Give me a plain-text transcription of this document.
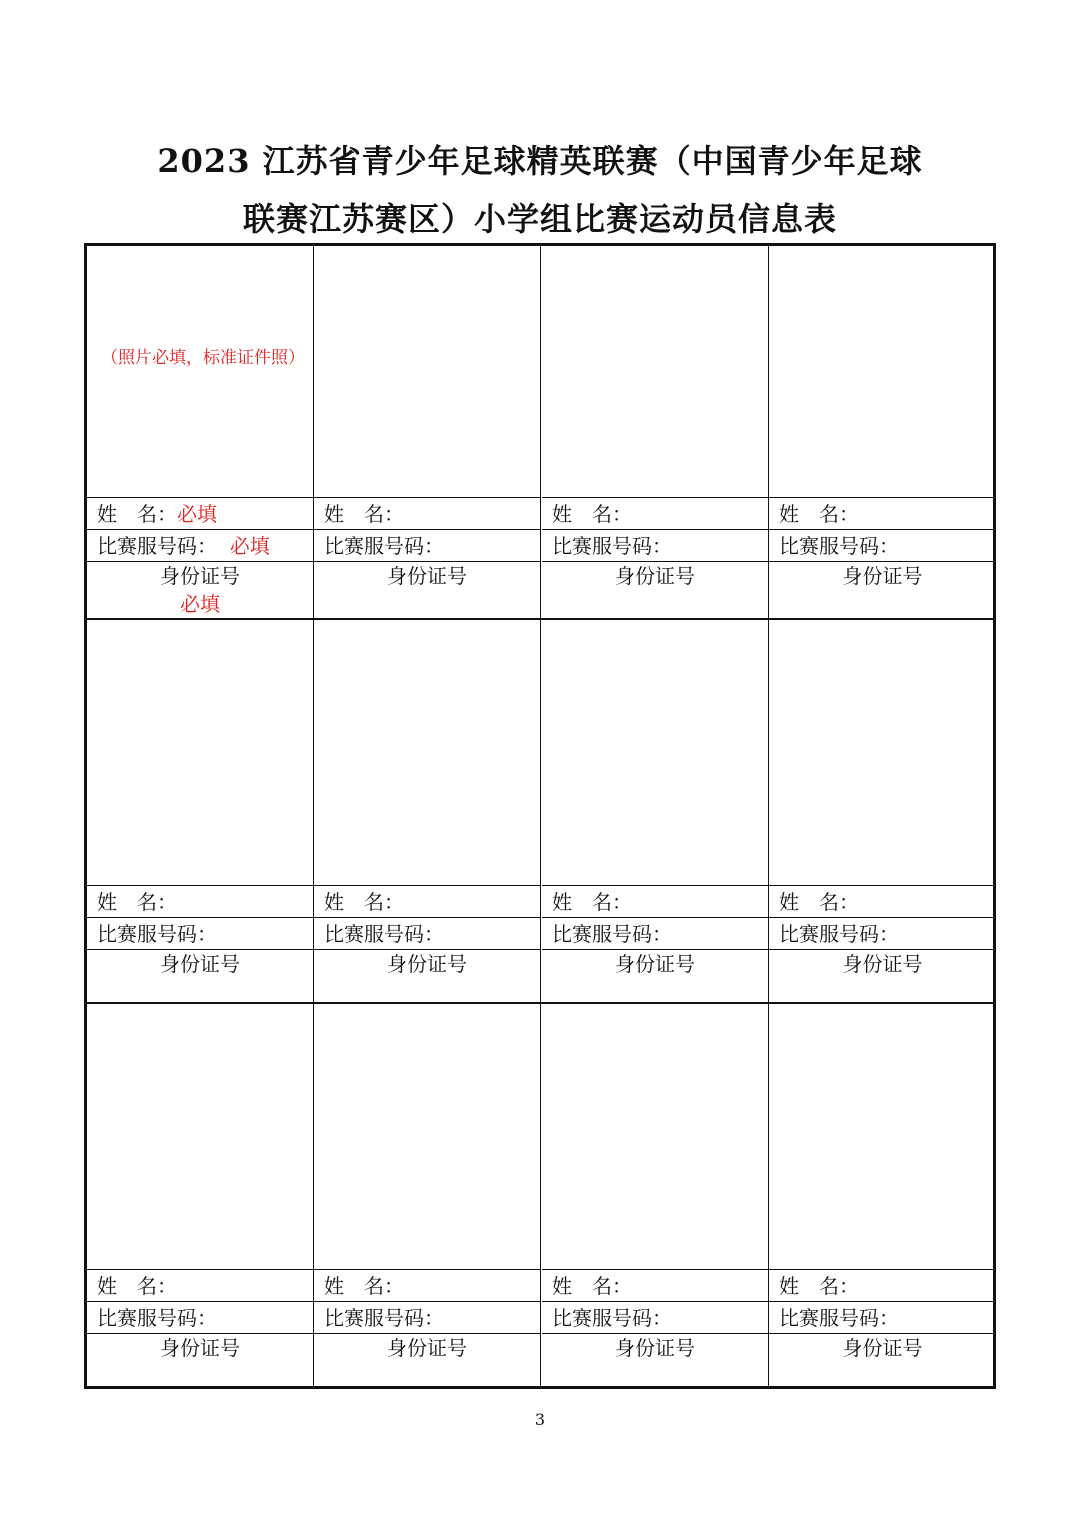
2023 江苏省青少年足球精英联赛（中国青少年足球
联赛江苏赛区）小学组比赛运动员信息表
（照片必填，标准证件照）
姓　名：必填
比赛服号码： 必填
身份证号
必填
姓　名：
比赛服号码：
身份证号
姓　名：
比赛服号码：
身份证号
姓　名：
比赛服号码：
身份证号
姓　名：
比赛服号码：
身份证号
姓　名：
比赛服号码：
身份证号
姓　名：
比赛服号码：
身份证号
姓　名：
比赛服号码：
身份证号
姓　名：
比赛服号码：
身份证号
姓　名：
比赛服号码：
身份证号
姓　名：
比赛服号码：
身份证号
姓　名：
比赛服号码：
身份证号
3
